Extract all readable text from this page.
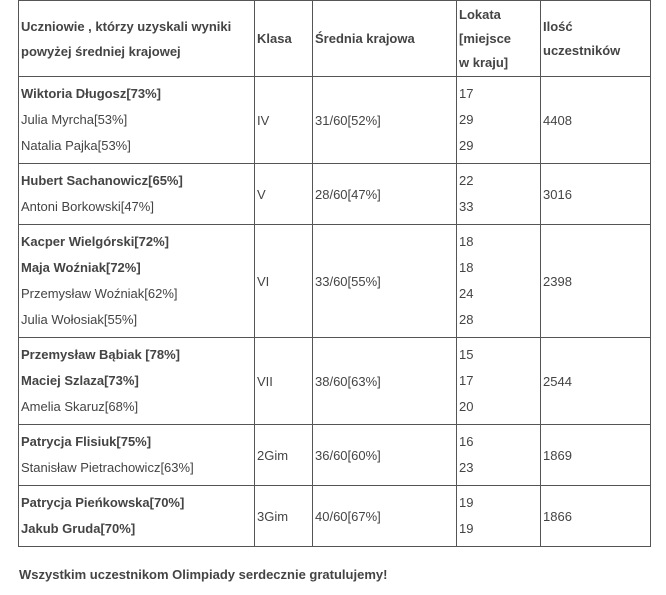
Uczniowie , którzy uzyskali wyniki powyżej średniej krajowej	Klasa	Średnia krajowa	Lokata
[miejsce
w kraju]	Ilość
uczestników

Wiktoria Długosz[73%]
Julia Myrcha[53%]
Natalia Pajka[53%]	IV	31/60[52%]	17
29
29	4408

Hubert Sachanowicz[65%]
Antoni Borkowski[47%]	V	28/60[47%]	22
33	3016

Kacper Wielgórski[72%]
Maja Woźniak[72%]
Przemysław Woźniak[62%]
Julia Wołosiak[55%]	VI	33/60[55%]	18
18
24
28	2398

Przemysław Bąbiak [78%]
Maciej Szlaza[73%]
Amelia Skaruz[68%]	VII	38/60[63%]	15
17
20	2544

Patrycja Flisiuk[75%]
Stanisław Pietrachowicz[63%]	2Gim	36/60[60%]	16
23	1869

Patrycja Pieńkowska[70%]
Jakub Gruda[70%]	3Gim	40/60[67%]	19
19	1866
Wszystkim uczestnikom Olimpiady serdecznie gratulujemy!
